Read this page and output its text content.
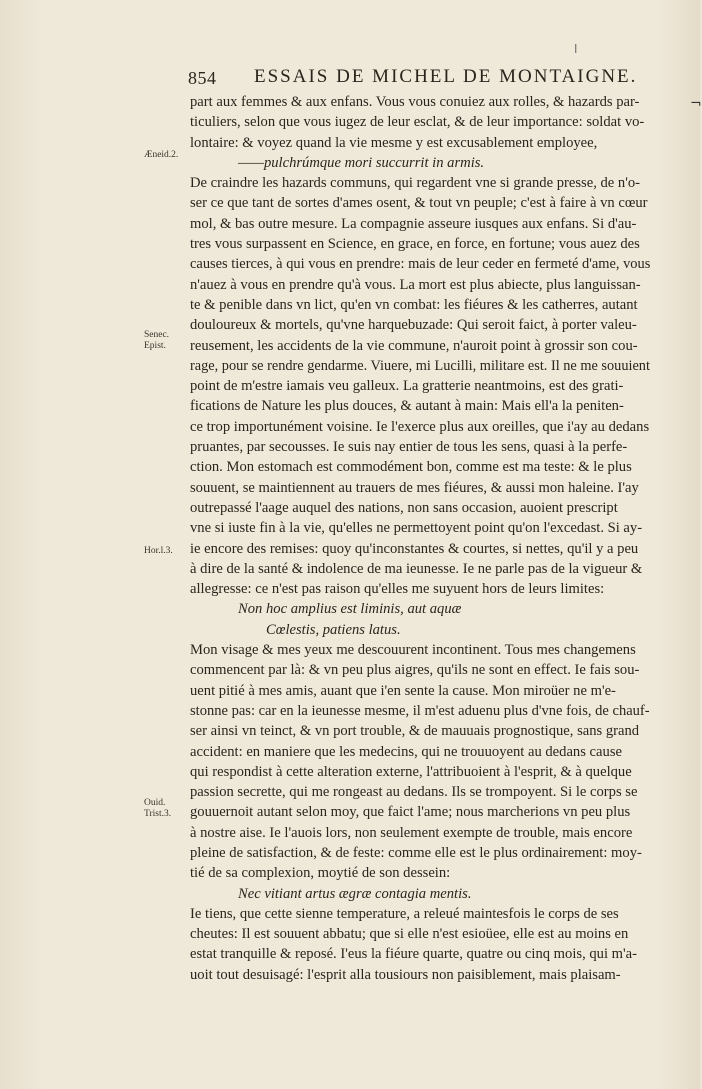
ǀ
¬
854 ESSAIS DE MICHEL DE MONTAIGNE.
Æneid.2.
Senec.
Epist.
Hor.l.3.
Ouid.
Trist.3.
part aux femmes & aux enfans. Vous vous conuiez aux rolles, & hazards par-
ticuliers, selon que vous iugez de leur esclat, & de leur importance: soldat vo-
lontaire: & voyez quand la vie mesme y est excusablement employee,
——pulchrúmque mori succurrit in armis.
De craindre les hazards communs, qui regardent vne si grande presse, de n'o-
ser ce que tant de sortes d'ames osent, & tout vn peuple; c'est à faire à vn cœur
mol, & bas outre mesure. La compagnie asseure iusques aux enfans. Si d'au-
tres vous surpassent en Science, en grace, en force, en fortune; vous auez des
causes tierces, à qui vous en prendre: mais de leur ceder en fermeté d'ame, vous
n'auez à vous en prendre qu'à vous. La mort est plus abiecte, plus languissan-
te & penible dans vn lict, qu'en vn combat: les fiéures & les catherres, autant
douloureux & mortels, qu'vne harquebuzade: Qui seroit faict, à porter valeu-
reusement, les accidents de la vie commune, n'auroit point à grossir son cou-
rage, pour se rendre gendarme. Viuere, mi Lucilli, militare est. Il ne me souuient
point de m'estre iamais veu galleux. La gratterie neantmoins, est des grati-
fications de Nature les plus douces, & autant à main: Mais ell'a la peniten-
ce trop importunément voisine. Ie l'exerce plus aux oreilles, que i'ay au dedans
pruantes, par secousses. Ie suis nay entier de tous les sens, quasi à la perfe-
ction. Mon estomach est commodément bon, comme est ma teste: & le plus
souuent, se maintiennent au trauers de mes fiéures, & aussi mon haleine. I'ay
outrepassé l'aage auquel des nations, non sans occasion, auoient prescript
vne si iuste fin à la vie, qu'elles ne permettoyent point qu'on l'excedast. Si ay-
ie encore des remises: quoy qu'inconstantes & courtes, si nettes, qu'il y a peu
à dire de la santé & indolence de ma ieunesse. Ie ne parle pas de la vigueur &
allegresse: ce n'est pas raison qu'elles me suyuent hors de leurs limites:
Non hoc amplius est liminis, aut aquæ
Cœlestis, patiens latus.
Mon visage & mes yeux me descouurent incontinent. Tous mes changemens
commencent par là: & vn peu plus aigres, qu'ils ne sont en effect. Ie fais sou-
uent pitié à mes amis, auant que i'en sente la cause. Mon miroüer ne m'e-
stonne pas: car en la ieunesse mesme, il m'est aduenu plus d'vne fois, de chauf-
ser ainsi vn teinct, & vn port trouble, & de mauuais prognostique, sans grand
accident: en maniere que les medecins, qui ne trouuoyent au dedans cause
qui respondist à cette alteration externe, l'attribuoient à l'esprit, & à quelque
passion secrette, qui me rongeast au dedans. Ils se trompoyent. Si le corps se
gouuernoit autant selon moy, que faict l'ame; nous marcherions vn peu plus
à nostre aise. Ie l'auois lors, non seulement exempte de trouble, mais encore
pleine de satisfaction, & de feste: comme elle est le plus ordinairement: moy-
tié de sa complexion, moytié de son dessein:
Nec vitiant artus ægræ contagia mentis.
Ie tiens, que cette sienne temperature, a releué maintesfois le corps de ses
cheutes: Il est souuent abbatu; que si elle n'est esioüee, elle est au moins en
estat tranquille & reposé. I'eus la fiéure quarte, quatre ou cinq mois, qui m'a-
uoit tout desuisagé: l'esprit alla tousiours non paisiblement, mais plaisam-
